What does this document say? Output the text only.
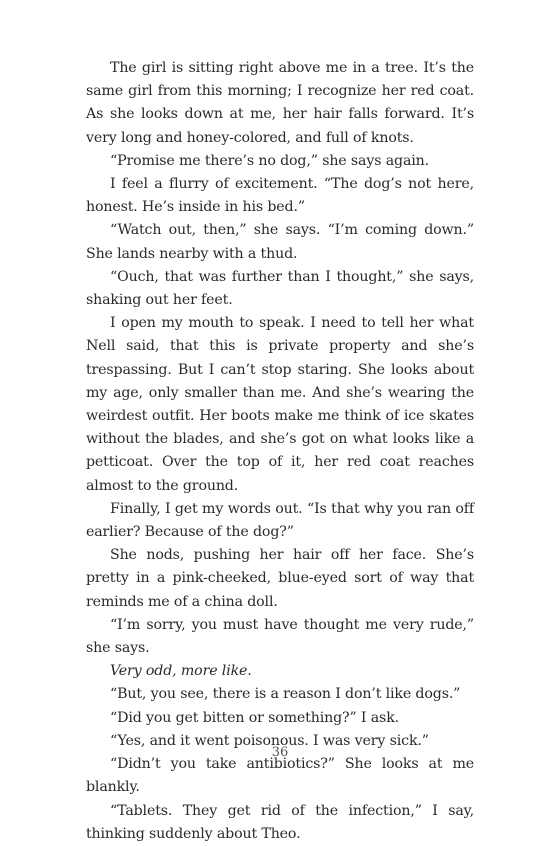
The girl is sitting right above me in a tree. It’s the same girl from this morning; I recognize her red coat. As she looks down at me, her hair falls forward. It’s very long and honey-colored, and full of knots.

“Promise me there’s no dog,” she says again.

I feel a flurry of excitement. “The dog’s not here, honest. He’s inside in his bed.”

“Watch out, then,” she says. “I’m coming down.” She lands nearby with a thud.

“Ouch, that was further than I thought,” she says, shaking out her feet.

I open my mouth to speak. I need to tell her what Nell said, that this is private property and she’s trespassing. But I can’t stop staring. She looks about my age, only smaller than me. And she’s wearing the weirdest outfit. Her boots make me think of ice skates without the blades, and she’s got on what looks like a petticoat. Over the top of it, her red coat reaches almost to the ground.

Finally, I get my words out. “Is that why you ran off earlier? Because of the dog?”

She nods, pushing her hair off her face. She’s pretty in a pink-cheeked, blue-eyed sort of way that reminds me of a china doll.

“I’m sorry, you must have thought me very rude,” she says.

Very odd, more like.

“But, you see, there is a reason I don’t like dogs.”

“Did you get bitten or something?” I ask.

“Yes, and it went poisonous. I was very sick.”

“Didn’t you take antibiotics?” She looks at me blankly.

“Tablets. They get rid of the infection,” I say, thinking suddenly about Theo.

36
